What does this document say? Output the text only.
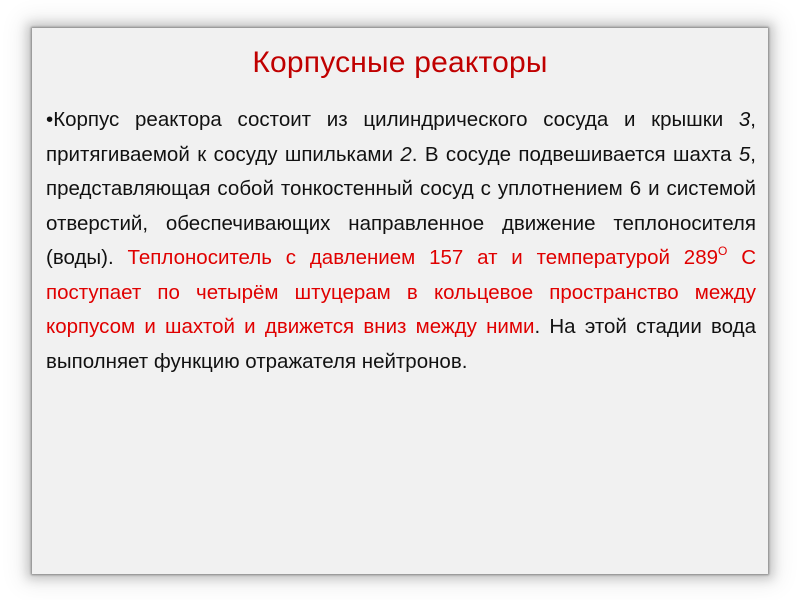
Корпусные реакторы
•Корпус реактора состоит из цилиндрического сосуда и крышки 3, притягиваемой к сосуду шпильками 2. В сосуде подвешивается шахта 5, представляющая собой тонкостенный сосуд с уплотнением 6 и системой отверстий, обеспечивающих направленное движение теплоносителя (воды). Теплоноситель с давлением 157 ат и температурой $289^O$ С поступает по четырём штуцерам в кольцевое пространство между корпусом и шахтой и движется вниз между ними. На этой стадии вода выполняет функцию отражателя нейтронов.
